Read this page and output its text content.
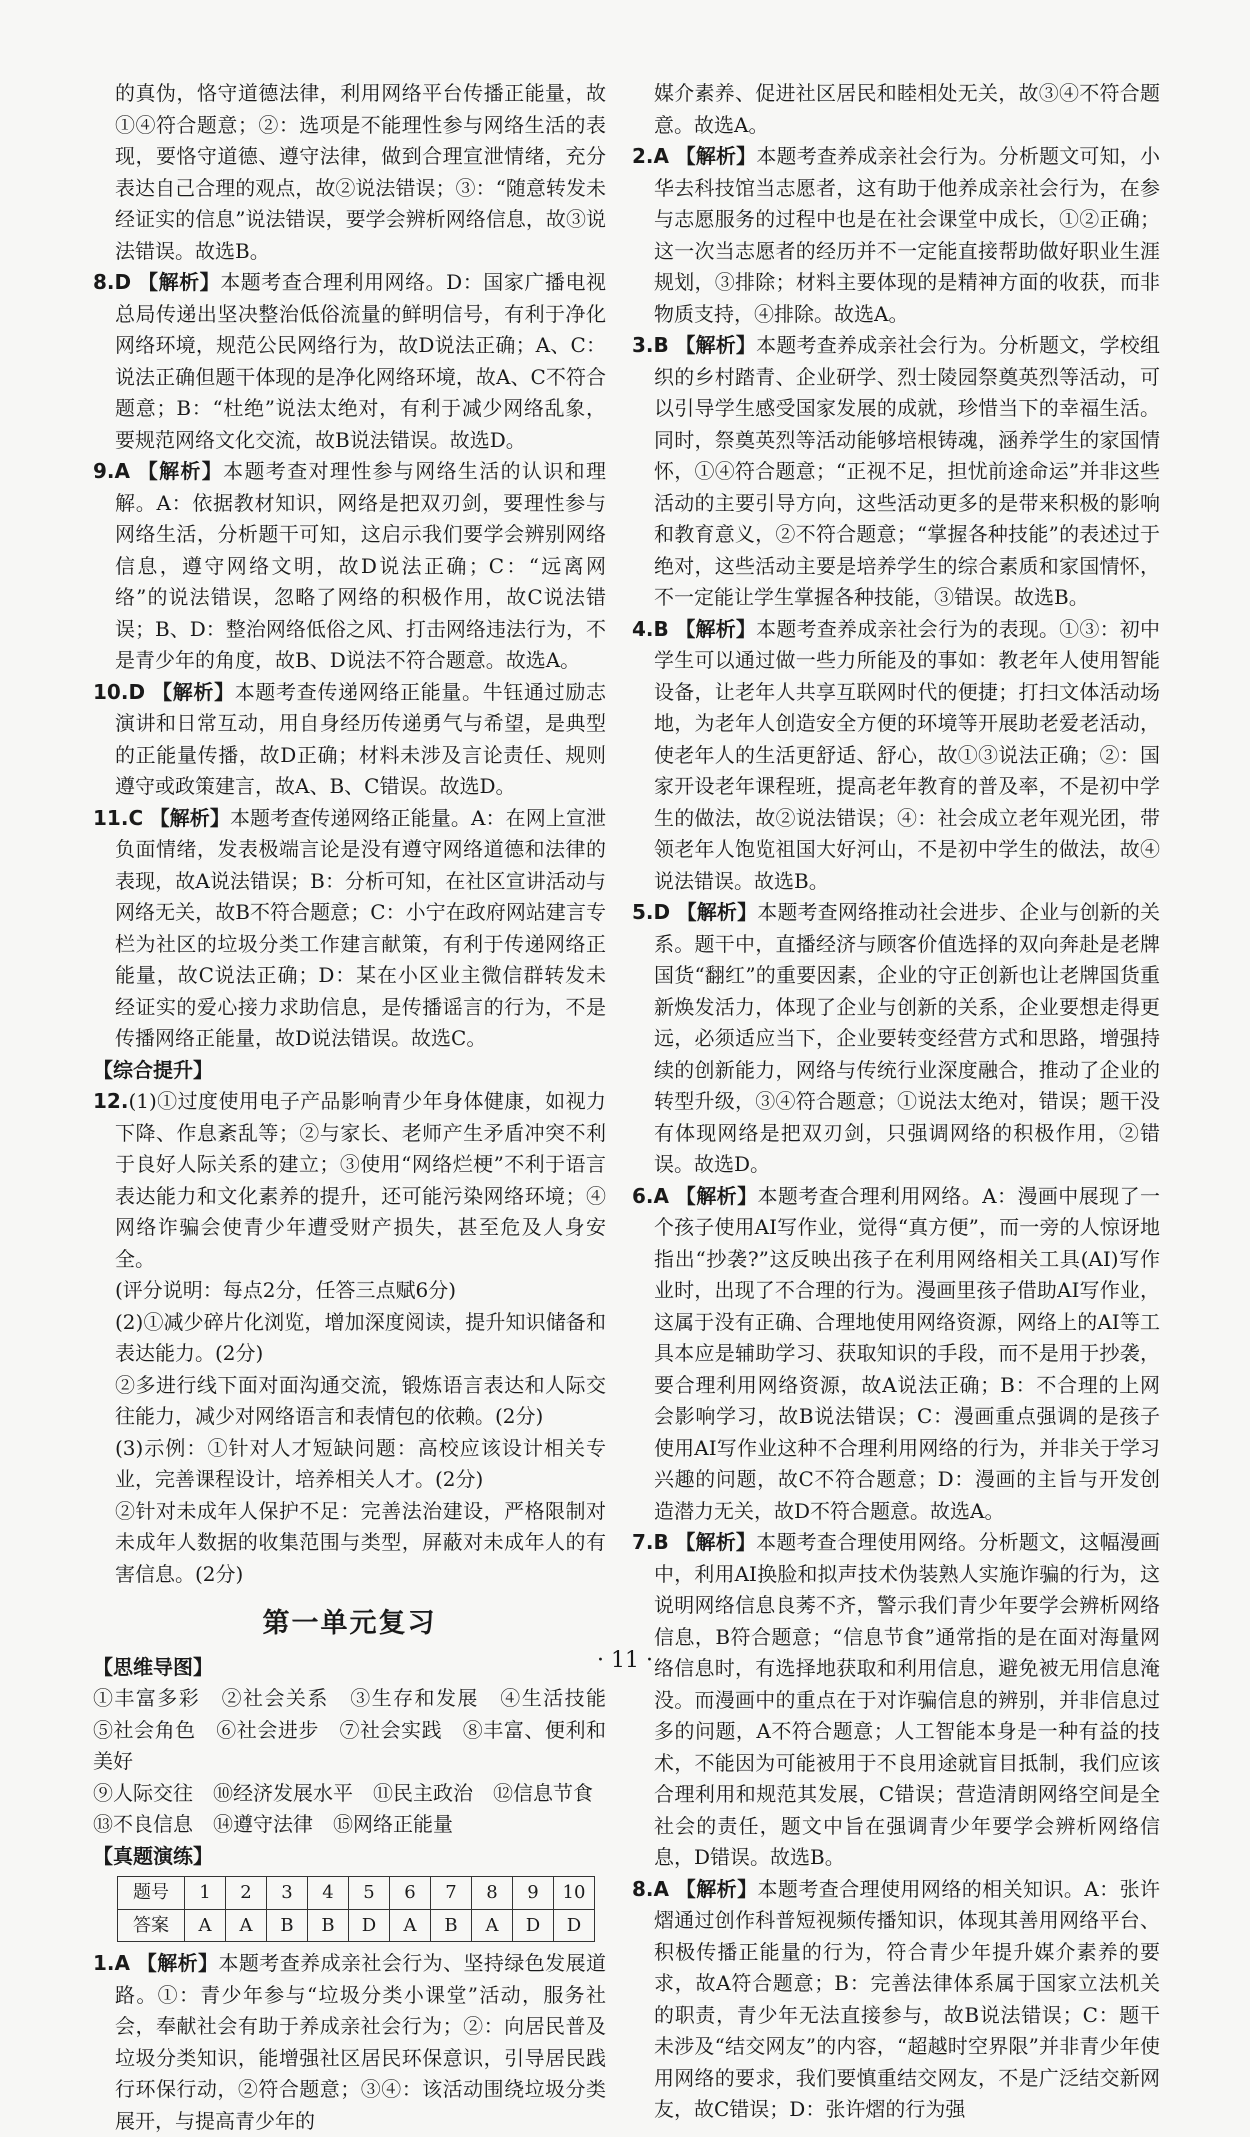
的真伪，恪守道德法律，利用网络平台传播正能量，故①④符合题意；②：选项是不能理性参与网络生活的表现，要恪守道德、遵守法律，做到合理宣泄情绪，充分表达自己合理的观点，故②说法错误；③：“随意转发未经证实的信息”说法错误，要学会辨析网络信息，故③说法错误。故选B。

8.D 【解析】本题考查合理利用网络。D：国家广播电视总局传递出坚决整治低俗流量的鲜明信号，有利于净化网络环境，规范公民网络行为，故D说法正确；A、C：说法正确但题干体现的是净化网络环境，故A、C不符合题意；B：“杜绝”说法太绝对，有利于减少网络乱象，要规范网络文化交流，故B说法错误。故选D。

9.A 【解析】本题考查对理性参与网络生活的认识和理解。A：依据教材知识，网络是把双刃剑，要理性参与网络生活，分析题干可知，这启示我们要学会辨别网络信息，遵守网络文明，故D说法正确；C：“远离网络”的说法错误，忽略了网络的积极作用，故C说法错误；B、D：整治网络低俗之风、打击网络违法行为，不是青少年的角度，故B、D说法不符合题意。故选A。

10.D 【解析】本题考查传递网络正能量。牛钰通过励志演讲和日常互动，用自身经历传递勇气与希望，是典型的正能量传播，故D正确；材料未涉及言论责任、规则遵守或政策建言，故A、B、C错误。故选D。

11.C 【解析】本题考查传递网络正能量。A：在网上宣泄负面情绪，发表极端言论是没有遵守网络道德和法律的表现，故A说法错误；B：分析可知，在社区宣讲活动与网络无关，故B不符合题意；C：小宁在政府网站建言专栏为社区的垃圾分类工作建言献策，有利于传递网络正能量，故C说法正确；D：某在小区业主微信群转发未经证实的爱心接力求助信息，是传播谣言的行为，不是传播网络正能量，故D说法错误。故选C。

【综合提升】

12.(1)①过度使用电子产品影响青少年身体健康，如视力下降、作息紊乱等；②与家长、老师产生矛盾冲突不利于良好人际关系的建立；③使用“网络烂梗”不利于语言表达能力和文化素养的提升，还可能污染网络环境；④网络诈骗会使青少年遭受财产损失，甚至危及人身安全。

(评分说明：每点2分，任答三点赋6分)

(2)①减少碎片化浏览，增加深度阅读，提升知识储备和表达能力。(2分)

②多进行线下面对面沟通交流，锻炼语言表达和人际交往能力，减少对网络语言和表情包的依赖。(2分)

(3)示例：①针对人才短缺问题：高校应该设计相关专业，完善课程设计，培养相关人才。(2分)

②针对未成年人保护不足：完善法治建设，严格限制对未成年人数据的收集范围与类型，屏蔽对未成年人的有害信息。(2分)

第一单元复习

【思维导图】

①丰富多彩　②社会关系　③生存和发展　④生活技能　⑤社会角色　⑥社会进步　⑦社会实践　⑧丰富、便利和美好

⑨人际交往　⑩经济发展水平　⑪民主政治　⑫信息节食

⑬不良信息　⑭遵守法律　⑮网络正能量

【真题演练】

题号	1	2	3	4	5	6	7	8	9	10
答案	A	A	B	B	D	A	B	A	D	D

1.A 【解析】本题考查养成亲社会行为、坚持绿色发展道路。①：青少年参与“垃圾分类小课堂”活动，服务社会，奉献社会有助于养成亲社会行为；②：向居民普及垃圾分类知识，能增强社区居民环保意识，引导居民践行环保行动，②符合题意；③④：该活动围绕垃圾分类展开，与提高青少年的

媒介素养、促进社区居民和睦相处无关，故③④不符合题意。故选A。

2.A 【解析】本题考查养成亲社会行为。分析题文可知，小华去科技馆当志愿者，这有助于他养成亲社会行为，在参与志愿服务的过程中也是在社会课堂中成长，①②正确；这一次当志愿者的经历并不一定能直接帮助做好职业生涯规划，③排除；材料主要体现的是精神方面的收获，而非物质支持，④排除。故选A。

3.B 【解析】本题考查养成亲社会行为。分析题文，学校组织的乡村踏青、企业研学、烈士陵园祭奠英烈等活动，可以引导学生感受国家发展的成就，珍惜当下的幸福生活。同时，祭奠英烈等活动能够培根铸魂，涵养学生的家国情怀，①④符合题意；“正视不足，担忧前途命运”并非这些活动的主要引导方向，这些活动更多的是带来积极的影响和教育意义，②不符合题意；“掌握各种技能”的表述过于绝对，这些活动主要是培养学生的综合素质和家国情怀，不一定能让学生掌握各种技能，③错误。故选B。

4.B 【解析】本题考查养成亲社会行为的表现。①③：初中学生可以通过做一些力所能及的事如：教老年人使用智能设备，让老年人共享互联网时代的便捷；打扫文体活动场地，为老年人创造安全方便的环境等开展助老爱老活动，使老年人的生活更舒适、舒心，故①③说法正确；②：国家开设老年课程班，提高老年教育的普及率，不是初中学生的做法，故②说法错误；④：社会成立老年观光团，带领老年人饱览祖国大好河山，不是初中学生的做法，故④说法错误。故选B。

5.D 【解析】本题考查网络推动社会进步、企业与创新的关系。题干中，直播经济与顾客价值选择的双向奔赴是老牌国货“翻红”的重要因素，企业的守正创新也让老牌国货重新焕发活力，体现了企业与创新的关系，企业要想走得更远，必须适应当下，企业要转变经营方式和思路，增强持续的创新能力，网络与传统行业深度融合，推动了企业的转型升级，③④符合题意；①说法太绝对，错误；题干没有体现网络是把双刃剑，只强调网络的积极作用，②错误。故选D。

6.A 【解析】本题考查合理利用网络。A：漫画中展现了一个孩子使用AI写作业，觉得“真方便”，而一旁的人惊讶地指出“抄袭?”这反映出孩子在利用网络相关工具(AI)写作业时，出现了不合理的行为。漫画里孩子借助AI写作业，这属于没有正确、合理地使用网络资源，网络上的AI等工具本应是辅助学习、获取知识的手段，而不是用于抄袭，要合理利用网络资源，故A说法正确；B：不合理的上网会影响学习，故B说法错误；C：漫画重点强调的是孩子使用AI写作业这种不合理利用网络的行为，并非关于学习兴趣的问题，故C不符合题意；D：漫画的主旨与开发创造潜力无关，故D不符合题意。故选A。

7.B 【解析】本题考查合理使用网络。分析题文，这幅漫画中，利用AI换脸和拟声技术伪装熟人实施诈骗的行为，这说明网络信息良莠不齐，警示我们青少年要学会辨析网络信息，B符合题意；“信息节食”通常指的是在面对海量网络信息时，有选择地获取和利用信息，避免被无用信息淹没。而漫画中的重点在于对诈骗信息的辨别，并非信息过多的问题，A不符合题意；人工智能本身是一种有益的技术，不能因为可能被用于不良用途就盲目抵制，我们应该合理利用和规范其发展，C错误；营造清朗网络空间是全社会的责任，题文中旨在强调青少年要学会辨析网络信息，D错误。故选B。

8.A 【解析】本题考查合理使用网络的相关知识。A：张许熠通过创作科普短视频传播知识，体现其善用网络平台、积极传播正能量的行为，符合青少年提升媒介素养的要求，故A符合题意；B：完善法律体系属于国家立法机关的职责，青少年无法直接参与，故B说法错误；C：题干未涉及“结交网友”的内容，“超越时空界限”并非青少年使用网络的要求，我们要慎重结交网友，不是广泛结交新网友，故C错误；D：张许熠的行为强

· 11 ·
